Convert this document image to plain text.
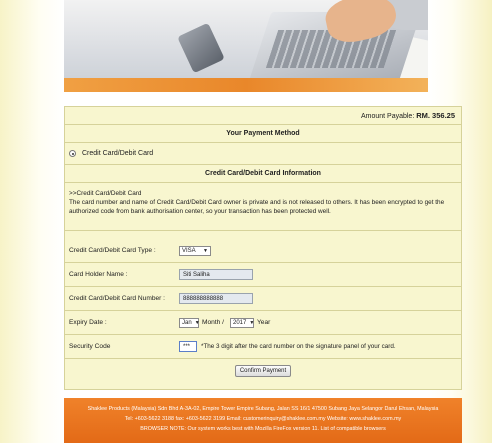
Amount Payable: RM. 356.25
Your Payment Method
Credit Card/Debit Card
Credit Card/Debit Card Information
>>Credit Card/Debit Card
The card number and name of Credit Card/Debit Card owner is private and is not released to others. It has been encrypted to get the authorized code from bank authorisation center, so your transaction has been protected well.
Credit Card/Debit Card Type :	VISA ▼
Card Holder Name :	Siti Saliha
Credit Card/Debit Card Number :	888888888888
Expiry Date :	Jan ▼ Month / 2017 ▼ Year
Security Code	***	*The 3 digit after the card number on the signature panel of your card.
Confirm Payment
Shaklee Products (Malaysia) Sdn Bhd A-3A-02, Empire Tower Empire Subang, Jalan SS 16/1 47500 Subang Jaya Selangor Darul Ehsan, Malaysia
Tel: +603-5622 3188 fax: +603-5622 3199 Email: customerinquiry@shaklee.com.my Website: www.shaklee.com.my
BROWSER NOTE: Our system works best with Mozilla FireFox version 11. List of compatible browsers
